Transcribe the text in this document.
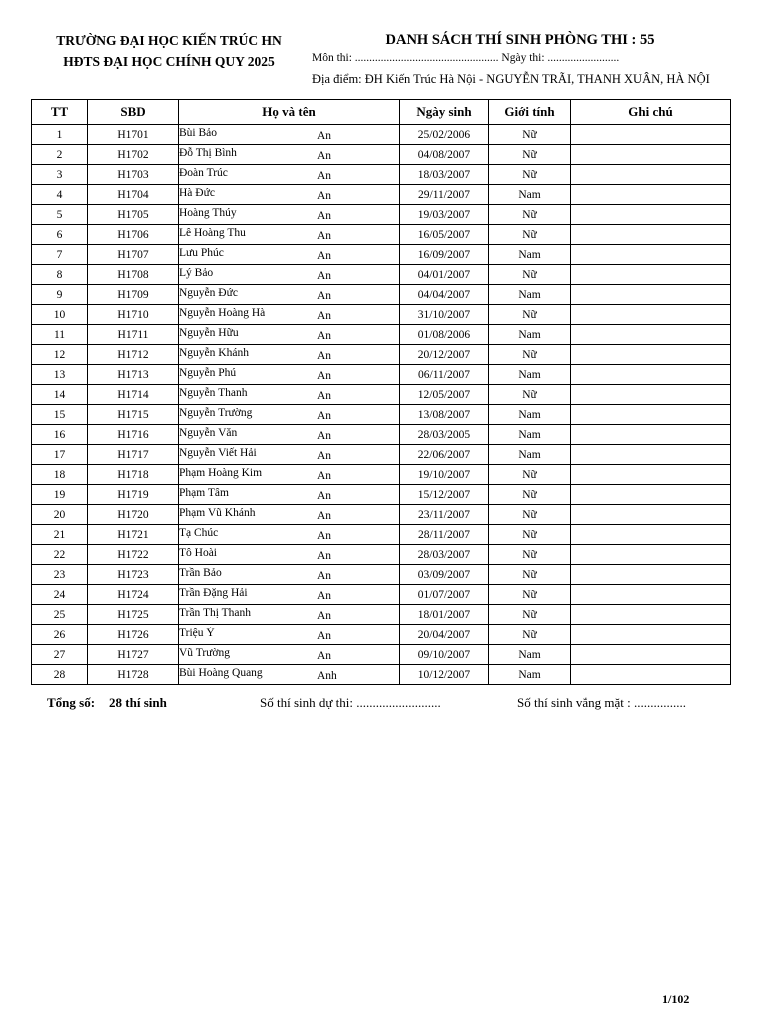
TRƯỜNG ĐẠI HỌC KIẾN TRÚC HN
HĐTS ĐẠI HỌC CHÍNH QUY 2025
DANH SÁCH THÍ SINH PHÒNG THI : 55
Môn thi: .................................................. Ngày thi: .........................
Địa điểm: ĐH Kiến Trúc Hà Nội - NGUYỄN TRÃI, THANH XUÂN, HÀ NỘI
TT	SBD	Họ và tên	Ngày sinh	Giới tính	Ghi chú
1	H1701	Bùi Bảo An	25/02/2006	Nữ	
2	H1702	Đỗ Thị Bình An	04/08/2007	Nữ	
3	H1703	Đoàn Trúc An	18/03/2007	Nữ	
4	H1704	Hà Đức An	29/11/2007	Nam	
5	H1705	Hoàng Thúy An	19/03/2007	Nữ	
6	H1706	Lê Hoàng Thu An	16/05/2007	Nữ	
7	H1707	Lưu Phúc An	16/09/2007	Nam	
8	H1708	Lý Bảo An	04/01/2007	Nữ	
9	H1709	Nguyễn Đức An	04/04/2007	Nam	
10	H1710	Nguyễn Hoàng Hà An	31/10/2007	Nữ	
11	H1711	Nguyễn Hữu An	01/08/2006	Nam	
12	H1712	Nguyễn Khánh An	20/12/2007	Nữ	
13	H1713	Nguyễn Phú An	06/11/2007	Nam	
14	H1714	Nguyễn Thanh An	12/05/2007	Nữ	
15	H1715	Nguyễn Trường An	13/08/2007	Nam	
16	H1716	Nguyễn Văn An	28/03/2005	Nam	
17	H1717	Nguyễn Viết Hải An	22/06/2007	Nam	
18	H1718	Phạm Hoàng Kim An	19/10/2007	Nữ	
19	H1719	Phạm Tâm An	15/12/2007	Nữ	
20	H1720	Phạm Vũ Khánh An	23/11/2007	Nữ	
21	H1721	Tạ Chúc An	28/11/2007	Nữ	
22	H1722	Tô Hoài An	28/03/2007	Nữ	
23	H1723	Trần Bảo An	03/09/2007	Nữ	
24	H1724	Trần Đặng Hải An	01/07/2007	Nữ	
25	H1725	Trần Thị Thanh An	18/01/2007	Nữ	
26	H1726	Triệu Ý An	20/04/2007	Nữ	
27	H1727	Vũ Trường An	09/10/2007	Nam	
28	H1728	Bùi Hoàng Quang Anh	10/12/2007	Nam	
Tổng số: 28 thí sinh	Số thí sinh dự thi: ..........................	Số thí sinh vắng mặt : ................
1/102
